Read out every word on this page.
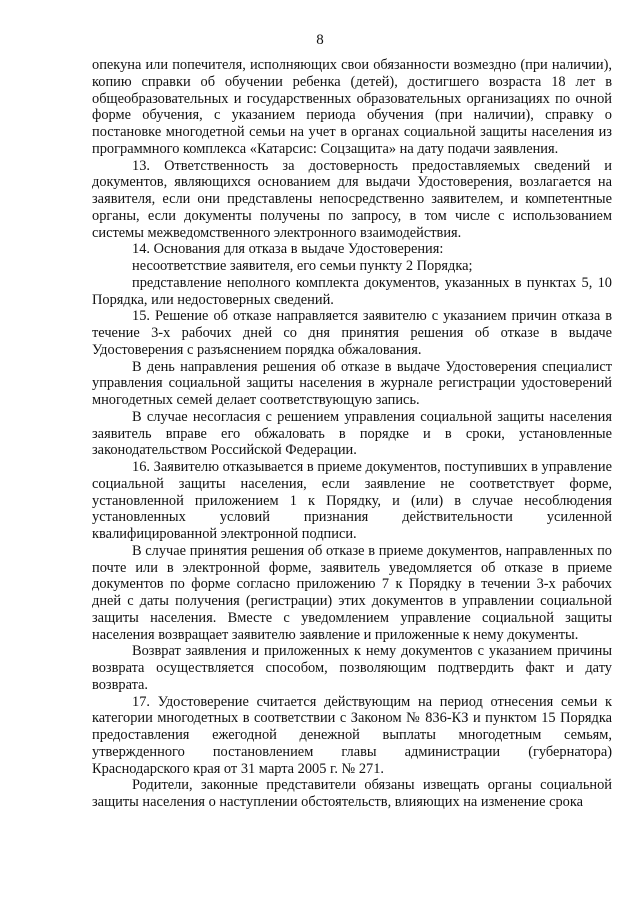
8

опекуна или попечителя, исполняющих свои обязанности возмездно (при наличии), копию справки об обучении ребенка (детей), достигшего возраста 18 лет в общеобразовательных и государственных образовательных организациях по очной форме обучения, с указанием периода обучения (при наличии), справку о постановке многодетной семьи на учет в органах социальной защиты населения из программного комплекса «Катарсис: Соцзащита» на дату подачи заявления.

13. Ответственность за достоверность предоставляемых сведений и документов, являющихся основанием для выдачи Удостоверения, возлагается на заявителя, если они представлены непосредственно заявителем, и компетентные органы, если документы получены по запросу, в том числе с использованием системы межведомственного электронного взаимодействия.

14. Основания для отказа в выдаче Удостоверения:

несоответствие заявителя, его семьи пункту 2 Порядка;

представление неполного комплекта документов, указанных в пунктах 5, 10 Порядка, или недостоверных сведений.

15. Решение об отказе направляется заявителю с указанием причин отказа в течение 3-х рабочих дней со дня принятия решения об отказе в выдаче Удостоверения с разъяснением порядка обжалования.

В день направления решения об отказе в выдаче Удостоверения специалист управления социальной защиты населения в журнале регистрации удостоверений многодетных семей делает соответствующую запись.

В случае несогласия с решением управления социальной защиты населения заявитель вправе его обжаловать в порядке и в сроки, установленные законодательством Российской Федерации.

16. Заявителю отказывается в приеме документов, поступивших в управление социальной защиты населения, если заявление не соответствует форме, установленной приложением 1 к Порядку, и (или) в случае несоблюдения установленных условий признания действительности усиленной квалифицированной электронной подписи.

В случае принятия решения об отказе в приеме документов, направленных по почте или в электронной форме, заявитель уведомляется об отказе в приеме документов по форме согласно приложению 7 к Порядку в течении 3-х рабочих дней с даты получения (регистрации) этих документов в управлении социальной защиты населения. Вместе с уведомлением управление социальной защиты населения возвращает заявителю заявление и приложенные к нему документы.

Возврат заявления и приложенных к нему документов с указанием причины возврата осуществляется способом, позволяющим подтвердить факт и дату возврата.

17. Удостоверение считается действующим на период отнесения семьи к категории многодетных в соответствии с Законом № 836-КЗ и пунктом 15 Порядка предоставления ежегодной денежной выплаты многодетным семьям, утвержденного постановлением главы администрации (губернатора) Краснодарского края от 31 марта 2005 г. № 271.

Родители, законные представители обязаны извещать органы социальной защиты населения о наступлении обстоятельств, влияющих на изменение срока
